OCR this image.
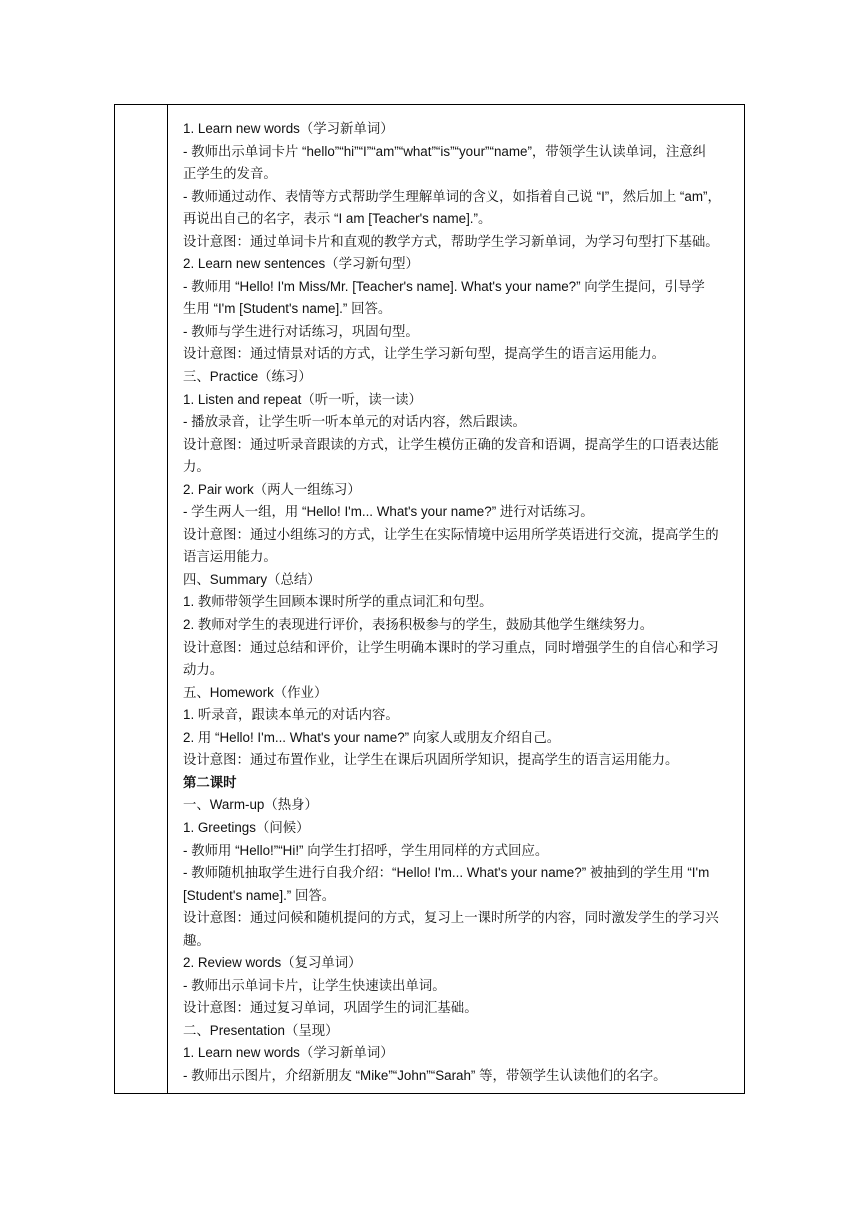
1. Learn new words（学习新单词）
- 教师出示单词卡片 “hello”“hi”“I”“am”“what”“is”“your”“name”，带领学生认读单词，注意纠
正学生的发音。
- 教师通过动作、表情等方式帮助学生理解单词的含义，如指着自己说 “I”，然后加上 “am”，
再说出自己的名字，表示 “I am [Teacher's name].”。
设计意图：通过单词卡片和直观的教学方式，帮助学生学习新单词，为学习句型打下基础。
2. Learn new sentences（学习新句型）
- 教师用 “Hello! I'm Miss/Mr. [Teacher's name]. What's your name?” 向学生提问，引导学
生用 “I'm [Student's name].” 回答。
- 教师与学生进行对话练习，巩固句型。
设计意图：通过情景对话的方式，让学生学习新句型，提高学生的语言运用能力。
三、Practice（练习）
1. Listen and repeat（听一听，读一读）
- 播放录音，让学生听一听本单元的对话内容，然后跟读。
设计意图：通过听录音跟读的方式，让学生模仿正确的发音和语调，提高学生的口语表达能
力。
2. Pair work（两人一组练习）
- 学生两人一组，用 “Hello! I'm... What's your name?” 进行对话练习。
设计意图：通过小组练习的方式，让学生在实际情境中运用所学英语进行交流，提高学生的
语言运用能力。
四、Summary（总结）
1. 教师带领学生回顾本课时所学的重点词汇和句型。
2. 教师对学生的表现进行评价，表扬积极参与的学生，鼓励其他学生继续努力。
设计意图：通过总结和评价，让学生明确本课时的学习重点，同时增强学生的自信心和学习
动力。
五、Homework（作业）
1. 听录音，跟读本单元的对话内容。
2. 用 “Hello! I'm... What's your name?” 向家人或朋友介绍自己。
设计意图：通过布置作业，让学生在课后巩固所学知识，提高学生的语言运用能力。
第二课时
一、Warm-up（热身）
1. Greetings（问候）
- 教师用 “Hello!”“Hi!” 向学生打招呼，学生用同样的方式回应。
- 教师随机抽取学生进行自我介绍：“Hello! I'm... What's your name?” 被抽到的学生用 “I'm
[Student's name].” 回答。
设计意图：通过问候和随机提问的方式，复习上一课时所学的内容，同时激发学生的学习兴
趣。
2. Review words（复习单词）
- 教师出示单词卡片，让学生快速读出单词。
设计意图：通过复习单词，巩固学生的词汇基础。
二、Presentation（呈现）
1. Learn new words（学习新单词）
- 教师出示图片，介绍新朋友 “Mike”“John”“Sarah” 等，带领学生认读他们的名字。
